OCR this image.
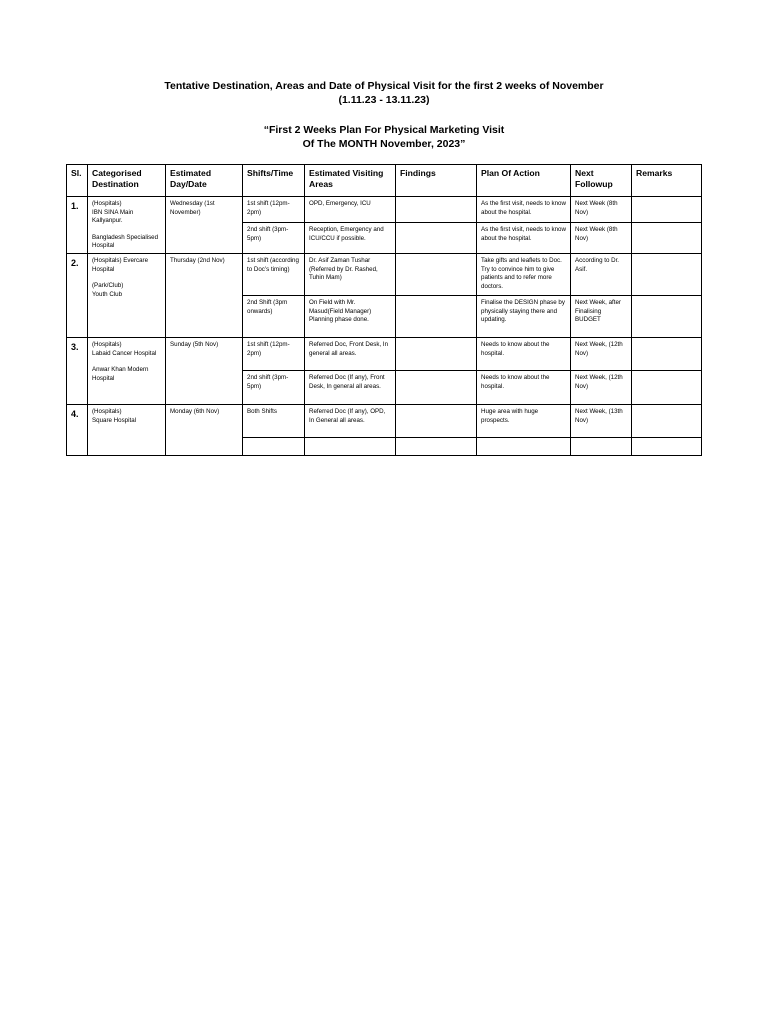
Tentative Destination, Areas and Date of Physical Visit for the first 2 weeks of November
(1.11.23 - 13.11.23)
“First 2 Weeks Plan For Physical Marketing Visit
Of The MONTH November, 2023”
Sl.	Categorised Destination	Estimated Day/Date	Shifts/Time	Estimated Visiting Areas	Findings	Plan Of Action	Next Followup	Remarks
1.	(Hospitals)
IBN SINA Main Kallyanpur.
Bangladesh Specialised Hospital	Wednesday (1st November)	1st shift (12pm-2pm)	OPD, Emergency, ICU		As the first visit, needs to know about the hospital.	Next Week (8th Nov)	
			2nd shift (3pm-5pm)	Reception, Emergency and ICU/CCU if possible.		As the first visit, needs to know about the hospital.	Next Week (8th Nov)	
2.	(Hospitals) Evercare Hospital
(Park/Club)
Youth Club	Thursday (2nd Nov)	1st shift (according to Doc’s timing)	Dr. Asif Zaman Tushar (Referred by Dr. Rashed, Tuhin Mam)		Take gifts and leaflets to Doc. Try to convince him to give patients and to refer more doctors.	According to Dr. Asif.	
			2nd Shift (3pm onwards)	On Field with Mr. Masud(Field Manager) Planning phase done.		Finalise the DESIGN phase by physically staying there and updating.	Next Week, after Finalising BUDGET	
3.	(Hospitals)
Labaid Cancer Hospital
Anwar Khan Modern Hospital	Sunday (5th Nov)	1st shift (12pm-2pm)	Referred Doc, Front Desk, In general all areas.		Needs to know about the hospital.	Next Week, (12th Nov)	
			2nd shift (3pm-5pm)	Referred Doc (If any), Front Desk, In general all areas.		Needs to know about the hospital.	Next Week, (12th Nov)	
4.	(Hospitals)
Square Hospital	Monday (6th Nov)	Both Shifts	Referred Doc (If any), OPD, In General all areas.		Huge area with huge prospects.	Next Week, (13th Nov)	
